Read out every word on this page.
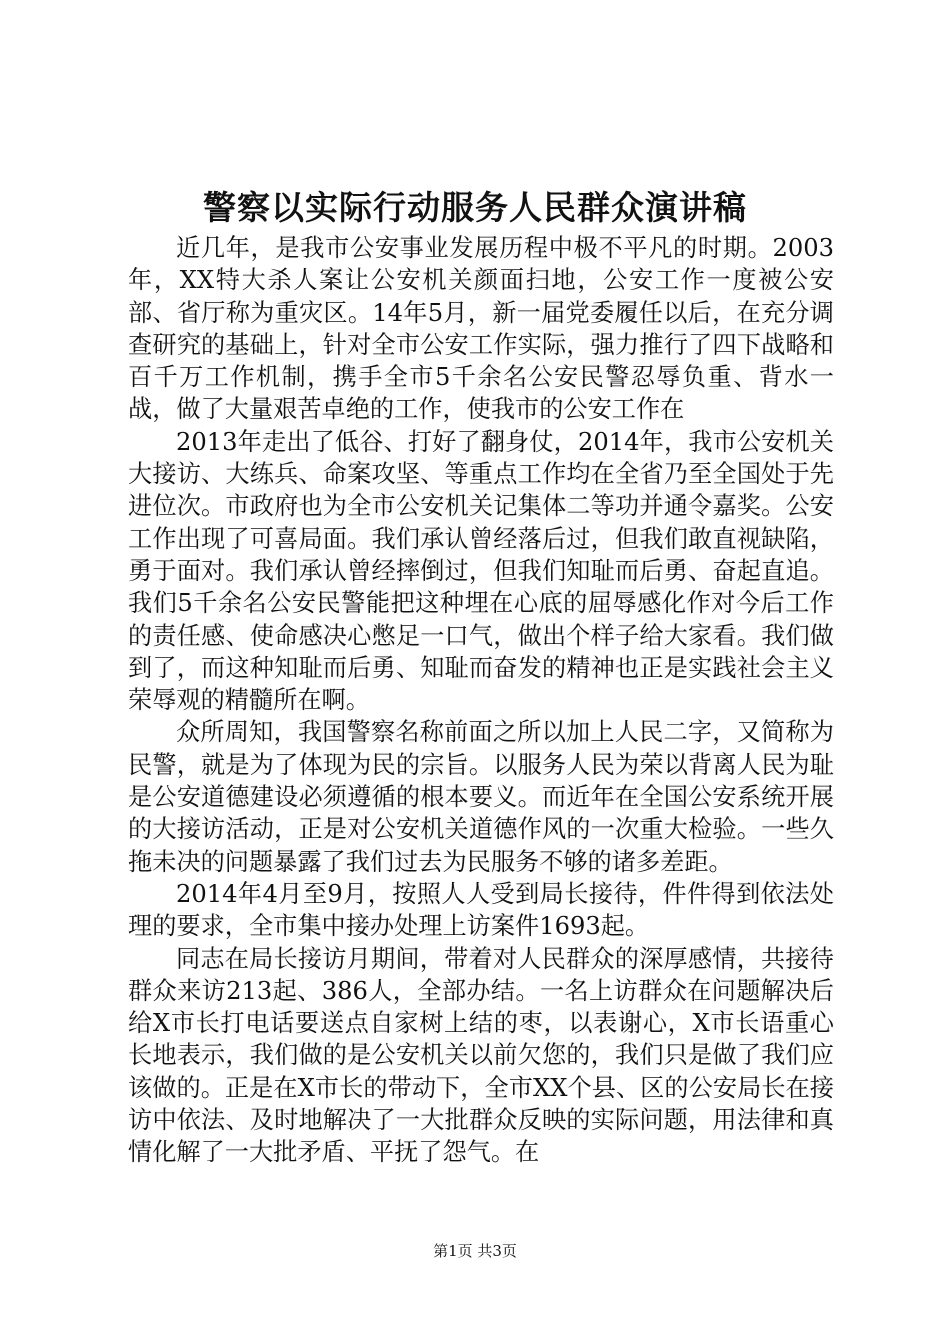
警察以实际行动服务人民群众演讲稿

近几年，是我市公安事业发展历程中极不平凡的时期。2003年，XX特大杀人案让公安机关颜面扫地，公安工作一度被公安部、省厅称为重灾区。14年5月，新一届党委履任以后，在充分调查研究的基础上，针对全市公安工作实际，强力推行了四下战略和百千万工作机制，携手全市5千余名公安民警忍辱负重、背水一战，做了大量艰苦卓绝的工作，使我市的公安工作在

2013年走出了低谷、打好了翻身仗，2014年，我市公安机关大接访、大练兵、命案攻坚、等重点工作均在全省乃至全国处于先进位次。市政府也为全市公安机关记集体二等功并通令嘉奖。公安工作出现了可喜局面。我们承认曾经落后过，但我们敢直视缺陷，勇于面对。我们承认曾经摔倒过，但我们知耻而后勇、奋起直追。我们5千余名公安民警能把这种埋在心底的屈辱感化作对今后工作的责任感、使命感决心憋足一口气，做出个样子给大家看。我们做到了，而这种知耻而后勇、知耻而奋发的精神也正是实践社会主义荣辱观的精髓所在啊。

众所周知，我国警察名称前面之所以加上人民二字，又简称为民警，就是为了体现为民的宗旨。以服务人民为荣以背离人民为耻是公安道德建设必须遵循的根本要义。而近年在全国公安系统开展的大接访活动，正是对公安机关道德作风的一次重大检验。一些久拖未决的问题暴露了我们过去为民服务不够的诸多差距。

2014年4月至9月，按照人人受到局长接待，件件得到依法处理的要求，全市集中接办处理上访案件1693起。

同志在局长接访月期间，带着对人民群众的深厚感情，共接待群众来访213起、386人，全部办结。一名上访群众在问题解决后给X市长打电话要送点自家树上结的枣，以表谢心，X市长语重心长地表示，我们做的是公安机关以前欠您的，我们只是做了我们应该做的。正是在X市长的带动下，全市XX个县、区的公安局长在接访中依法、及时地解决了一大批群众反映的实际问题，用法律和真情化解了一大批矛盾、平抚了怨气。在

第1页 共3页
